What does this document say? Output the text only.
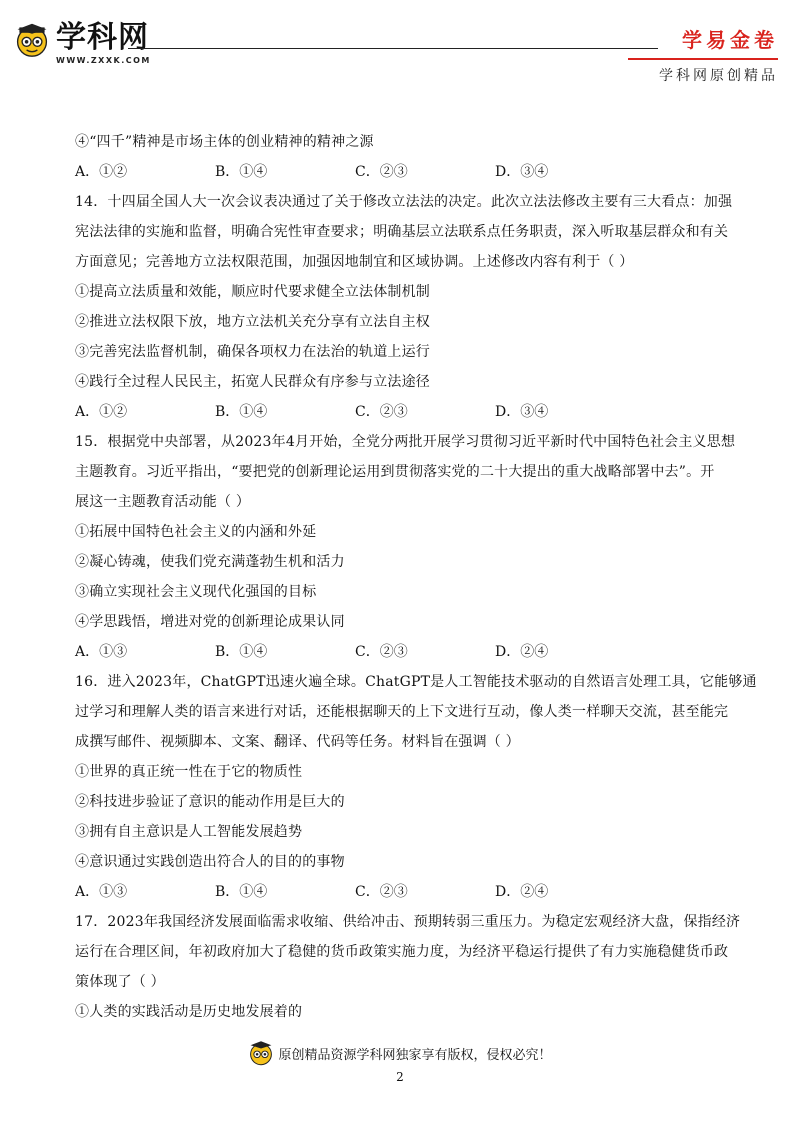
学科网
WWW.ZXXK.COM
学易金卷
学科网原创精品
④“四千”精神是市场主体的创业精神的精神之源
A．①②	B．①④	C．②③	D．③④
14．十四届全国人大一次会议表决通过了关于修改立法法的决定。此次立法法修改主要有三大看点：加强
宪法法律的实施和监督，明确合宪性审查要求；明确基层立法联系点任务职责，深入听取基层群众和有关
方面意见；完善地方立法权限范围，加强因地制宜和区域协调。上述修改内容有利于（ ）
①提高立法质量和效能，顺应时代要求健全立法体制机制
②推进立法权限下放，地方立法机关充分享有立法自主权
③完善宪法监督机制，确保各项权力在法治的轨道上运行
④践行全过程人民民主，拓宽人民群众有序参与立法途径
A．①②	B．①④	C．②③	D．③④
15．根据党中央部署，从2023年4月开始，全党分两批开展学习贯彻习近平新时代中国特色社会主义思想
主题教育。习近平指出，“要把党的创新理论运用到贯彻落实党的二十大提出的重大战略部署中去”。开
展这一主题教育活动能（ ）
①拓展中国特色社会主义的内涵和外延
②凝心铸魂，使我们党充满蓬勃生机和活力
③确立实现社会主义现代化强国的目标
④学思践悟，增进对党的创新理论成果认同
A．①③	B．①④	C．②③	D．②④
16．进入2023年，ChatGPT迅速火遍全球。ChatGPT是人工智能技术驱动的自然语言处理工具，它能够通
过学习和理解人类的语言来进行对话，还能根据聊天的上下文进行互动，像人类一样聊天交流，甚至能完
成撰写邮件、视频脚本、文案、翻译、代码等任务。材料旨在强调（ ）
①世界的真正统一性在于它的物质性
②科技进步验证了意识的能动作用是巨大的
③拥有自主意识是人工智能发展趋势
④意识通过实践创造出符合人的目的的事物
A．①③	B．①④	C．②③	D．②④
17．2023年我国经济发展面临需求收缩、供给冲击、预期转弱三重压力。为稳定宏观经济大盘，保指经济
运行在合理区间，年初政府加大了稳健的货币政策实施力度，为经济平稳运行提供了有力实施稳健货币政
策体现了（ ）
①人类的实践活动是历史地发展着的
原创精品资源学科网独家享有版权，侵权必究！
2
